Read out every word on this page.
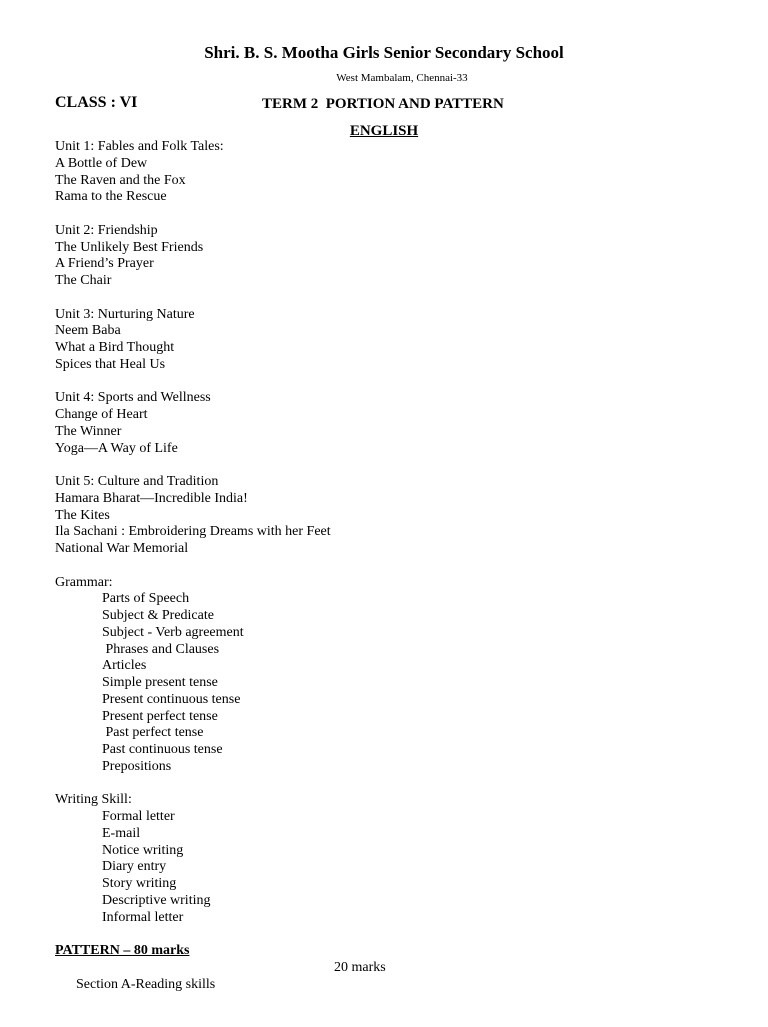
Shri. B. S. Mootha Girls Senior Secondary School
West Mambalam, Chennai-33
CLASS : VI	TERM 2  PORTION AND PATTERN
ENGLISH
Unit 1: Fables and Folk Tales:
A Bottle of Dew
The Raven and the Fox
Rama to the Rescue
Unit 2: Friendship
The Unlikely Best Friends
A Friend’s Prayer
The Chair
Unit 3: Nurturing Nature
Neem Baba
What a Bird Thought
Spices that Heal Us
Unit 4: Sports and Wellness
Change of Heart
The Winner
Yoga—A Way of Life
Unit 5: Culture and Tradition
Hamara Bharat—Incredible India!
The Kites
Ila Sachani : Embroidering Dreams with her Feet
National War Memorial
Grammar:
Parts of Speech
Subject & Predicate
Subject - Verb agreement
Phrases and Clauses
Articles
Simple present tense
Present continuous tense
Present perfect tense
Past perfect tense
Past continuous tense
Prepositions
Writing Skill:
Formal letter
E-mail
Notice writing
Diary entry
Story writing
Descriptive writing
Informal letter
PATTERN – 80 marks

Section A-Reading skills

20 marks
